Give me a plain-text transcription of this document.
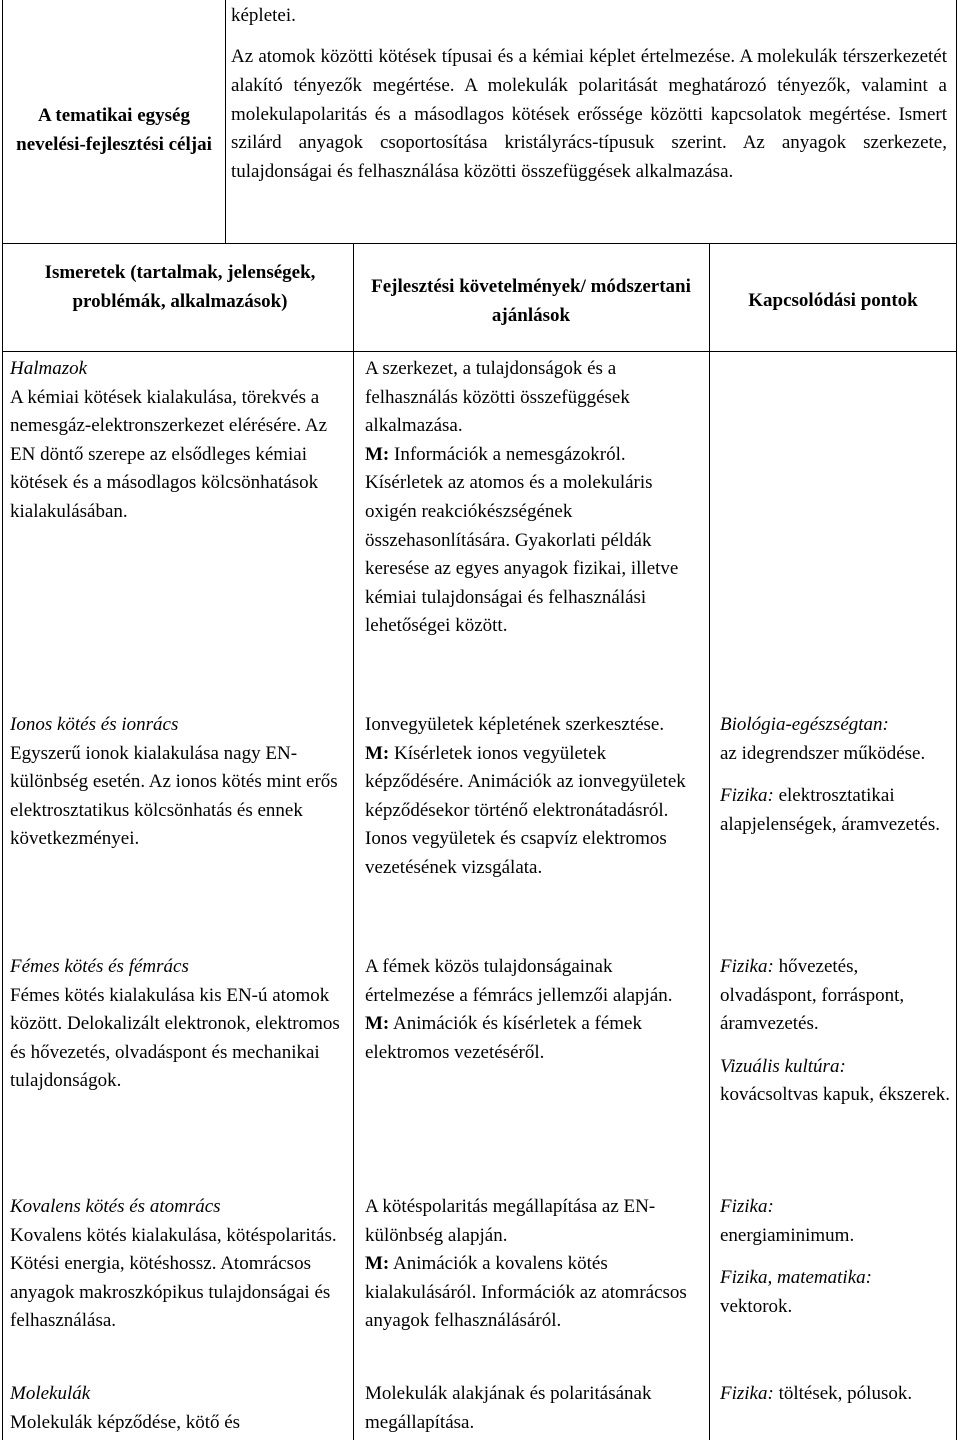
A tematikai egység nevelési-fejlesztési céljai
képletei.
Az atomok közötti kötések típusai és a kémiai képlet értelmezése. A molekulák térszerkezetét alakító tényezők megértése. A molekulák polaritását meghatározó tényezők, valamint a molekulapolaritás és a másodlagos kötések erőssége közötti kapcsolatok megértése. Ismert szilárd anyagok csoportosítása kristályrács-típusuk szerint. Az anyagok szerkezete, tulajdonságai és felhasználása közötti összefüggések alkalmazása.
Ismeretek (tartalmak, jelenségek, problémák, alkalmazások)
Fejlesztési követelmények/ módszertani ajánlások
Kapcsolódási pontok

Halmazok

A kémiai kötések kialakulása, törekvés a nemesgáz-elektronszerkezet elérésére. Az EN döntő szerepe az elsődleges kémiai kötések és a másodlagos kölcsönhatások kialakulásában.

A szerkezet, a tulajdonságok és a felhasználás közötti összefüggések alkalmazása.

M: Információk a nemesgázokról. Kísérletek az atomos és a molekuláris oxigén reakciókészségének összehasonlítására. Gyakorlati példák keresése az egyes anyagok fizikai, illetve kémiai tulajdonságai és felhasználási lehetőségei között.

Ionos kötés és ionrács

Egyszerű ionok kialakulása nagy EN-különbség esetén. Az ionos kötés mint erős elektrosztatikus kölcsönhatás és ennek következményei.

Ionvegyületek képletének szerkesztése.

M: Kísérletek ionos vegyületek képződésére. Animációk az ionvegyületek képződésekor történő elektronátadásról. Ionos vegyületek és csapvíz elektromos vezetésének vizsgálata.

Biológia-egészségtan:

az idegrendszer működése.

Fizika: elektrosztatikai alapjelenségek, áramvezetés.

Fémes kötés és fémrács

Fémes kötés kialakulása kis EN-ú atomok között. Delokalizált elektronok, elektromos és hővezetés, olvadáspont és mechanikai tulajdonságok.

A fémek közös tulajdonságainak értelmezése a fémrács jellemzői alapján.

M: Animációk és kísérletek a fémek elektromos vezetéséről.

Fizika: hővezetés, olvadáspont, forráspont, áramvezetés.

Vizuális kultúra:

kovácsoltvas kapuk, ékszerek.

Kovalens kötés és atomrács

Kovalens kötés kialakulása, kötéspolaritás. Kötési energia, kötéshossz. Atomrácsos anyagok makroszkópikus tulajdonságai és felhasználása.

A kötéspolaritás megállapítása az EN-különbség alapján.

M: Animációk a kovalens kötés kialakulásáról. Információk az atomrácsos anyagok felhasználásáról.

Fizika:

energiaminimum.

Fizika, matematika:

vektorok.

Molekulák

Molekulák képződése, kötő és

Molekulák alakjának és polaritásának megállapítása.

Fizika: töltések, pólusok.
